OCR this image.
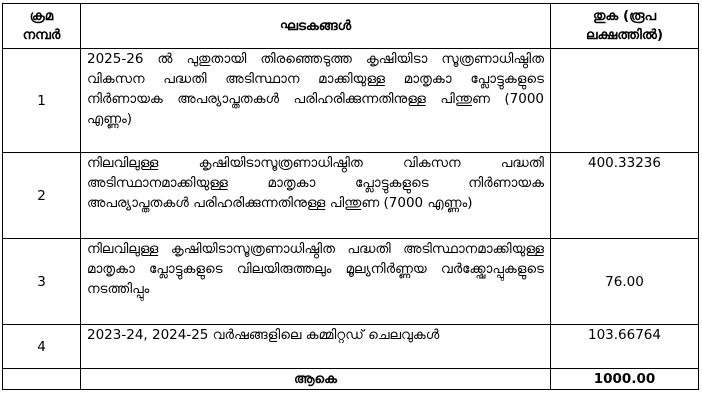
ക്രമ നമ്പർ	ഘടകങ്ങൾ	തുക (രൂപ ലക്ഷത്തിൽ)
1	2025-26 ൽ പുതുതായി തിരഞ്ഞെടുത്ത കൃഷിയിടാ സൂത്രണാധിഷ്ഠിത വികസന പദ്ധതി അടിസ്ഥാന മാക്കിയുള്ള മാതൃകാ പ്ലോട്ടുകളുടെ നിർണായക അപര്യാപ്തതകൾ പരിഹരിക്കുന്നതിനുള്ള പിന്തുണ (7000 എണ്ണം)	
2	നിലവിലുള്ള കൃഷിയിടാസൂത്രണാധിഷ്ഠിത വികസന പദ്ധതി അടിസ്ഥാനമാക്കിയുള്ള മാതൃകാ പ്ലോട്ടുകളുടെ നിർണായക അപര്യാപ്തതകൾ പരിഹരിക്കുന്നതിനുള്ള പിന്തുണ (7000 എണ്ണം)	400.33236
3	നിലവിലുള്ള കൃഷിയിടാസൂത്രണാധിഷ്ഠിത പദ്ധതി അടിസ്ഥാനമാക്കിയുള്ള മാതൃകാ പ്ലോട്ടുകളുടെ വിലയിരുത്തലും മൂല്യനിർണ്ണയ വർക്ക്ഷോപ്പുകളുടെ നടത്തിപ്പും	76.00
4	2023-24, 2024-25 വർഷങ്ങളിലെ കമ്മിറ്റഡ് ചെലവുകൾ	103.66764
	ആകെ	1000.00
